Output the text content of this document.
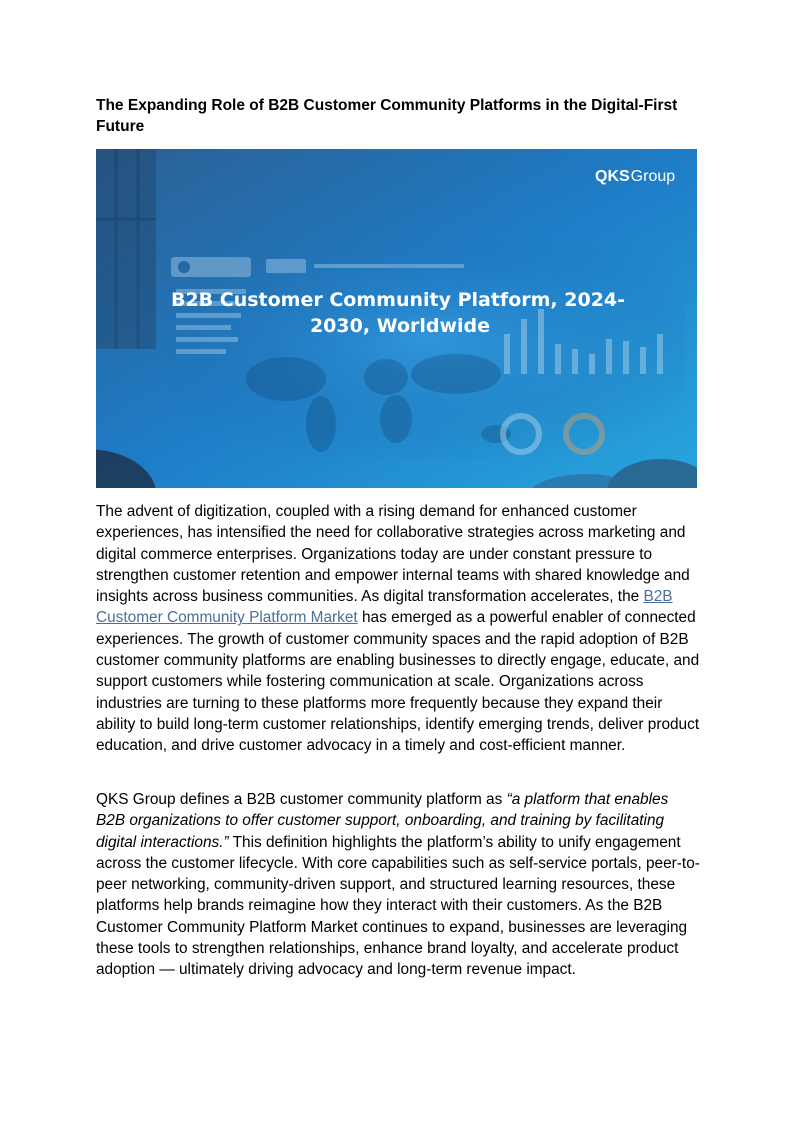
The Expanding Role of B2B Customer Community Platforms in the Digital-First Future
QKSGroup
B2B Customer Community Platform, 2024-
2030, Worldwide

The advent of digitization, coupled with a rising demand for enhanced customer experiences, has intensified the need for collaborative strategies across marketing and digital commerce enterprises. Organizations today are under constant pressure to strengthen customer retention and empower internal teams with shared knowledge and insights across business communities. As digital transformation accelerates, the B2B Customer Community Platform Market has emerged as a powerful enabler of connected experiences. The growth of customer community spaces and the rapid adoption of B2B customer community platforms are enabling businesses to directly engage, educate, and support customers while fostering communication at scale. Organizations across industries are turning to these platforms more frequently because they expand their ability to build long-term customer relationships, identify emerging trends, deliver product education, and drive customer advocacy in a timely and cost-efficient manner.

QKS Group defines a B2B customer community platform as “a platform that enables B2B organizations to offer customer support, onboarding, and training by facilitating digital interactions.” This definition highlights the platform’s ability to unify engagement across the customer lifecycle. With core capabilities such as self-service portals, peer-to-peer networking, community-driven support, and structured learning resources, these platforms help brands reimagine how they interact with their customers. As the B2B Customer Community Platform Market continues to expand, businesses are leveraging these tools to strengthen relationships, enhance brand loyalty, and accelerate product adoption — ultimately driving advocacy and long-term revenue impact.
